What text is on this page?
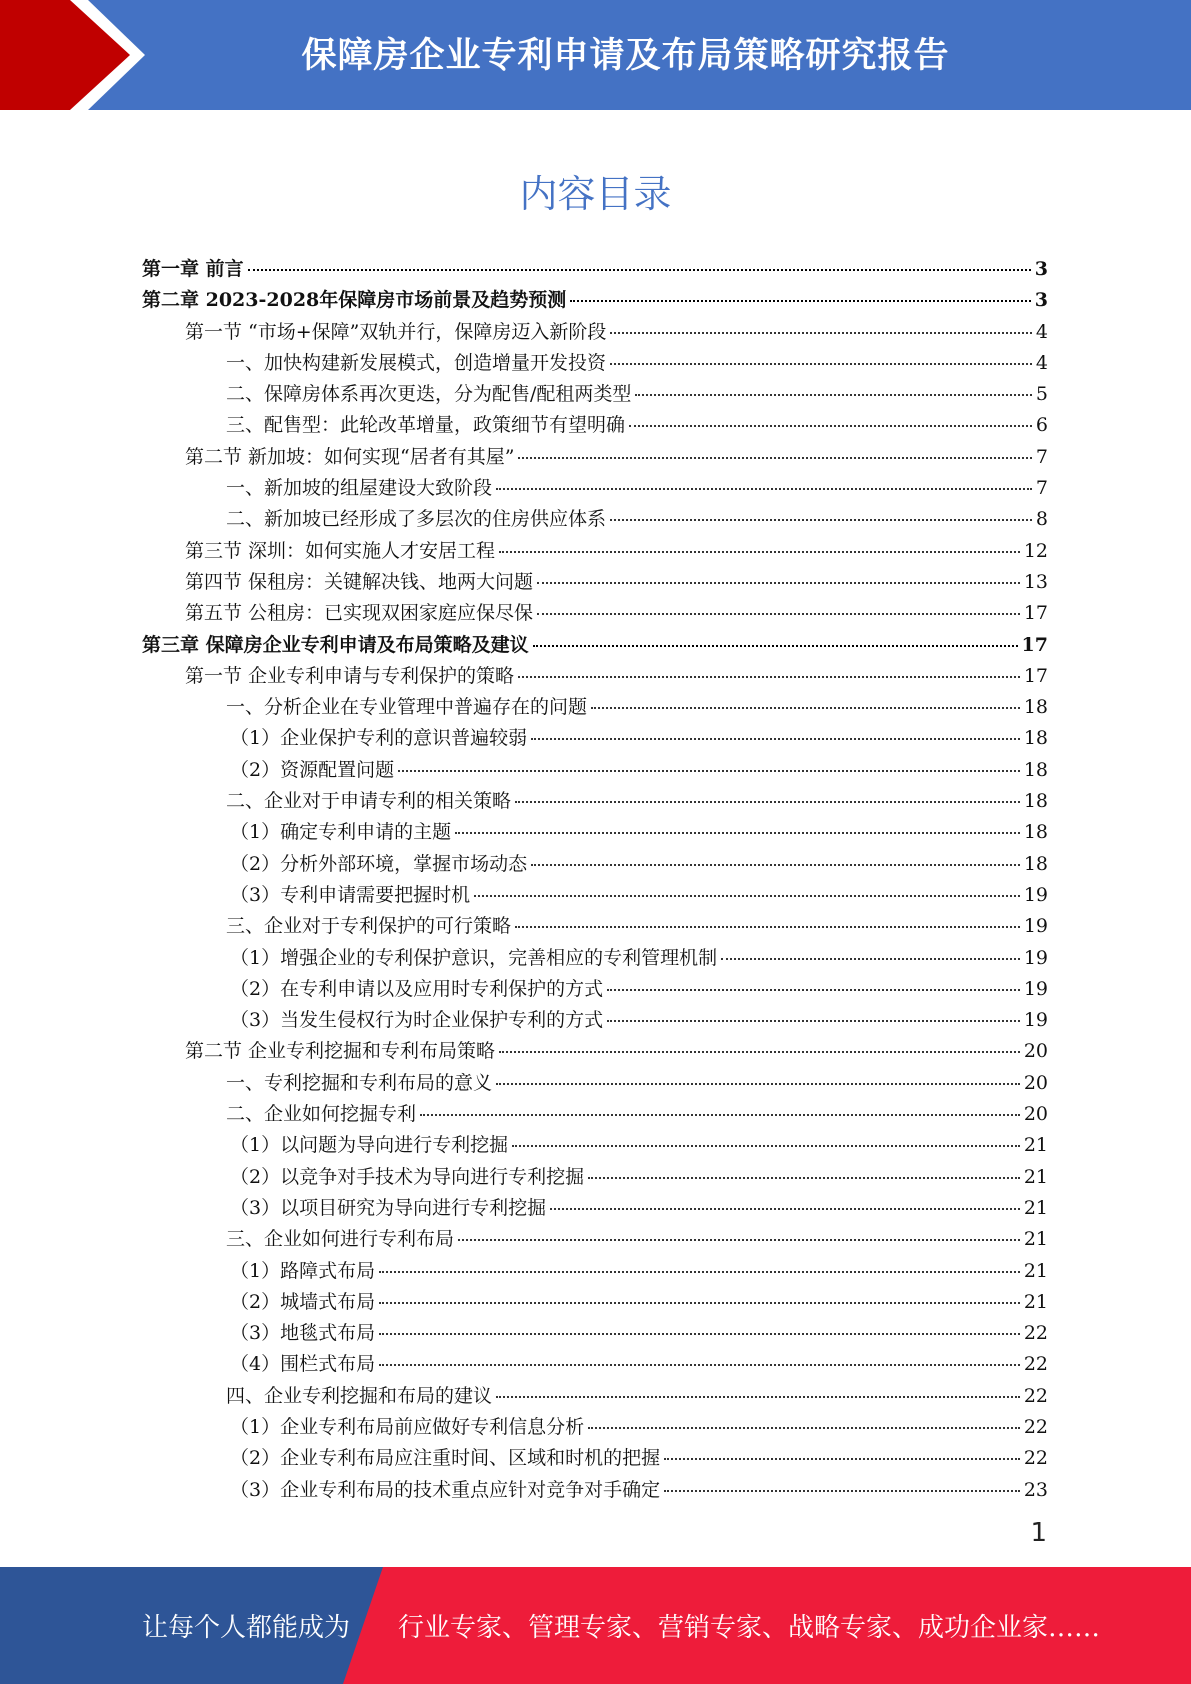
保障房企业专利申请及布局策略研究报告
内容目录
第一章 前言	3
第二章 2023-2028年保障房市场前景及趋势预测	3
第一节 “市场+保障”双轨并行，保障房迈入新阶段	4
一、加快构建新发展模式，创造增量开发投资	4
二、保障房体系再次更迭，分为配售/配租两类型	5
三、配售型：此轮改革增量，政策细节有望明确	6
第二节 新加坡：如何实现“居者有其屋”	7
一、新加坡的组屋建设大致阶段	7
二、新加坡已经形成了多层次的住房供应体系	8
第三节 深圳：如何实施人才安居工程	12
第四节 保租房：关键解决钱、地两大问题	13
第五节 公租房：已实现双困家庭应保尽保	17
第三章 保障房企业专利申请及布局策略及建议	17
第一节 企业专利申请与专利保护的策略	17
一、分析企业在专业管理中普遍存在的问题	18
（1）企业保护专利的意识普遍较弱	18
（2）资源配置问题	18
二、企业对于申请专利的相关策略	18
（1）确定专利申请的主题	18
（2）分析外部环境，掌握市场动态	18
（3）专利申请需要把握时机	19
三、企业对于专利保护的可行策略	19
（1）增强企业的专利保护意识，完善相应的专利管理机制	19
（2）在专利申请以及应用时专利保护的方式	19
（3）当发生侵权行为时企业保护专利的方式	19
第二节 企业专利挖掘和专利布局策略	20
一、专利挖掘和专利布局的意义	20
二、企业如何挖掘专利	20
（1）以问题为导向进行专利挖掘	21
（2）以竞争对手技术为导向进行专利挖掘	21
（3）以项目研究为导向进行专利挖掘	21
三、企业如何进行专利布局	21
（1）路障式布局	21
（2）城墙式布局	21
（3）地毯式布局	22
（4）围栏式布局	22
四、企业专利挖掘和布局的建议	22
（1）企业专利布局前应做好专利信息分析	22
（2）企业专利布局应注重时间、区域和时机的把握	22
（3）企业专利布局的技术重点应针对竞争对手确定	23
1
让每个人都能成为 行业专家、管理专家、营销专家、战略专家、成功企业家……
